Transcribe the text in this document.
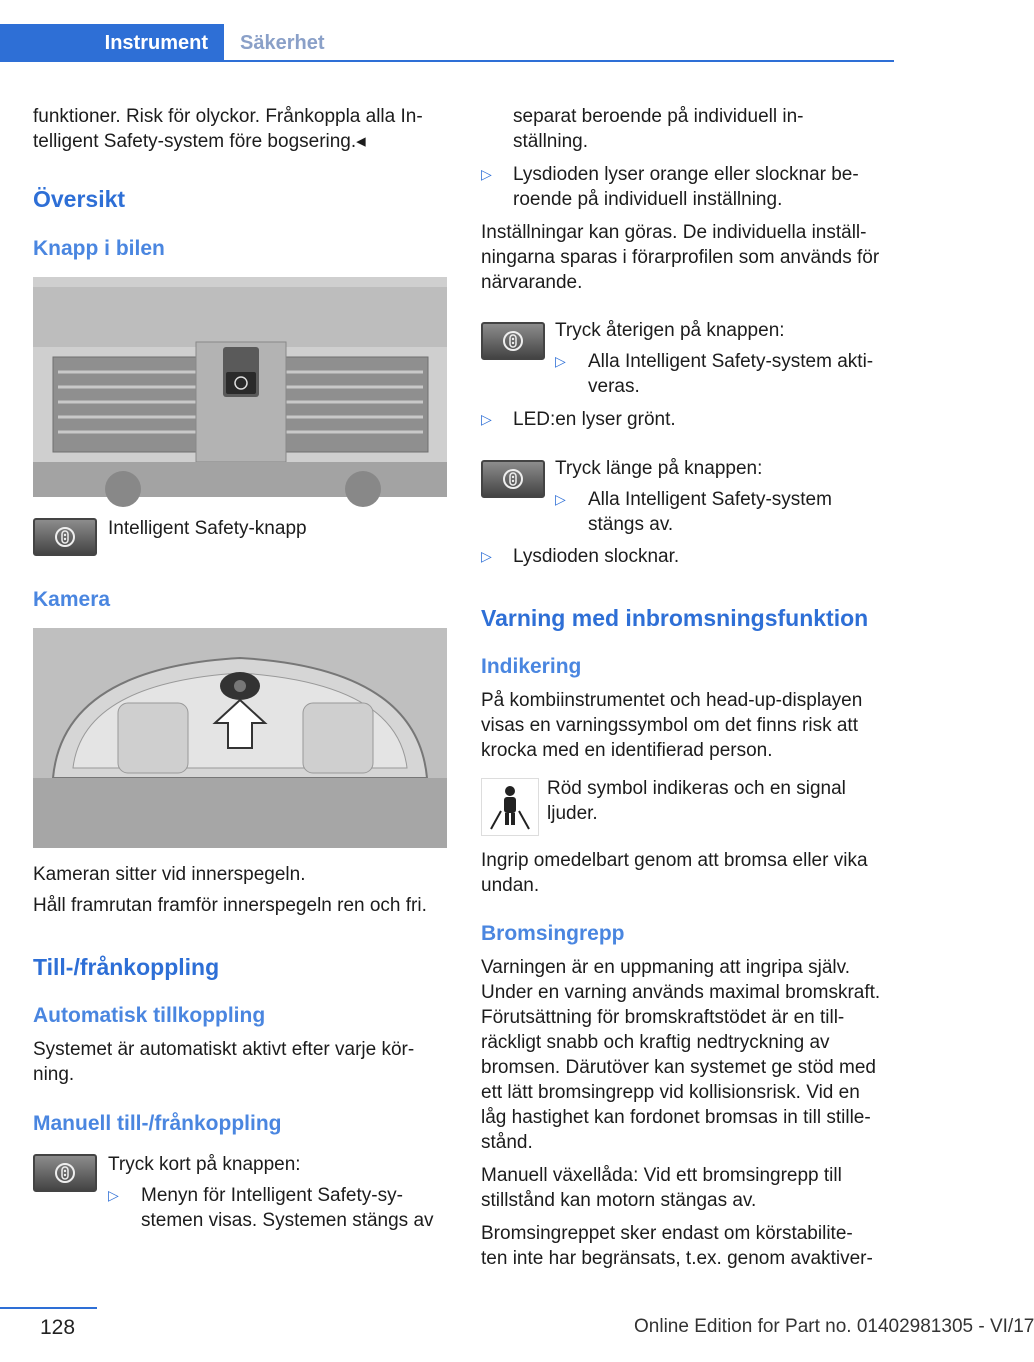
Instrument	Säkerhet
funktioner. Risk för olyckor. Frånkoppla alla In‐
telligent Safety-system före bogsering.◂
Översikt
Knapp i bilen
Intelligent Safety-knapp
Kamera
Kameran sitter vid innerspegeln.
Håll framrutan framför innerspegeln ren och fri.
Till-/frånkoppling
Automatisk tillkoppling
Systemet är automatiskt aktivt efter varje kör‐
ning.
Manuell till-/frånkoppling
Tryck kort på knappen:
▷ Menyn för Intelligent Safety-sy‐
stemen visas. Systemen stängs av
separat beroende på individuell in‐
ställning.
▷ Lysdioden lyser orange eller slocknar be‐
roende på individuell inställning.
Inställningar kan göras. De individuella inställ‐
ningarna sparas i förarprofilen som används för
närvarande.
Tryck återigen på knappen:
▷ Alla Intelligent Safety-system akti‐
veras.
▷ LED:en lyser grönt.
Tryck länge på knappen:
▷ Alla Intelligent Safety-system
stängs av.
▷ Lysdioden slocknar.
Varning med inbromsningsfunktion
Indikering
På kombiinstrumentet och head-up-displayen
visas en varningssymbol om det finns risk att
krocka med en identifierad person.
Röd symbol indikeras och en signal
ljuder.
Ingrip omedelbart genom att bromsa eller vika
undan.
Bromsingrepp
Varningen är en uppmaning att ingripa själv.
Under en varning används maximal bromskraft.
Förutsättning för bromskraftstödet är en till‐
räckligt snabb och kraftig nedtryckning av
bromsen. Därutöver kan systemet ge stöd med
ett lätt bromsingrepp vid kollisionsrisk. Vid en
låg hastighet kan fordonet bromsas in till stille‐
stånd.
Manuell växellåda: Vid ett bromsingrepp till
stillstånd kan motorn stängas av.
Bromsingreppet sker endast om körstabilite‐
ten inte har begränsats, t.ex. genom avaktiver‐
128	Online Edition for Part no. 01402981305 - VI/17
